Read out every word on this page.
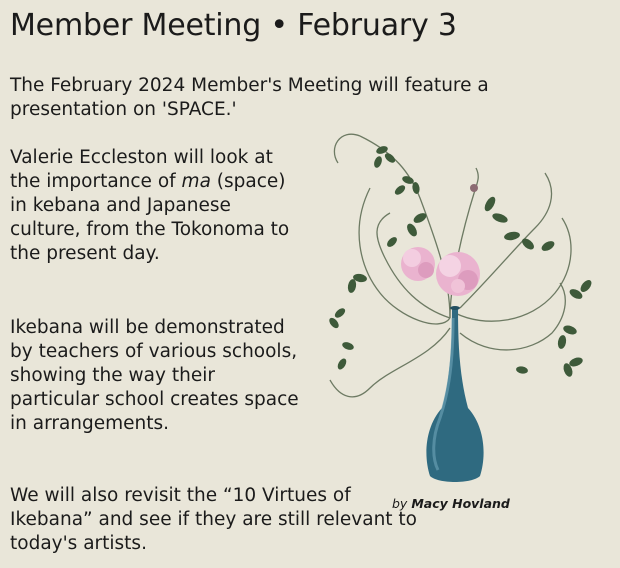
Member Meeting • February 3

The February 2024 Member's Meeting will feature a presentation on 'SPACE.'

Valerie Eccleston will look at the importance of ma (space) in kebana and Japanese culture, from the Tokonoma to the present day.

Ikebana will be demonstrated by teachers of various schools, showing the way their particular school creates space in arrangements.

We will also revisit the “10 Virtues of Ikebana” and see if they are still relevant to today's artists.

by Macy Hovland
